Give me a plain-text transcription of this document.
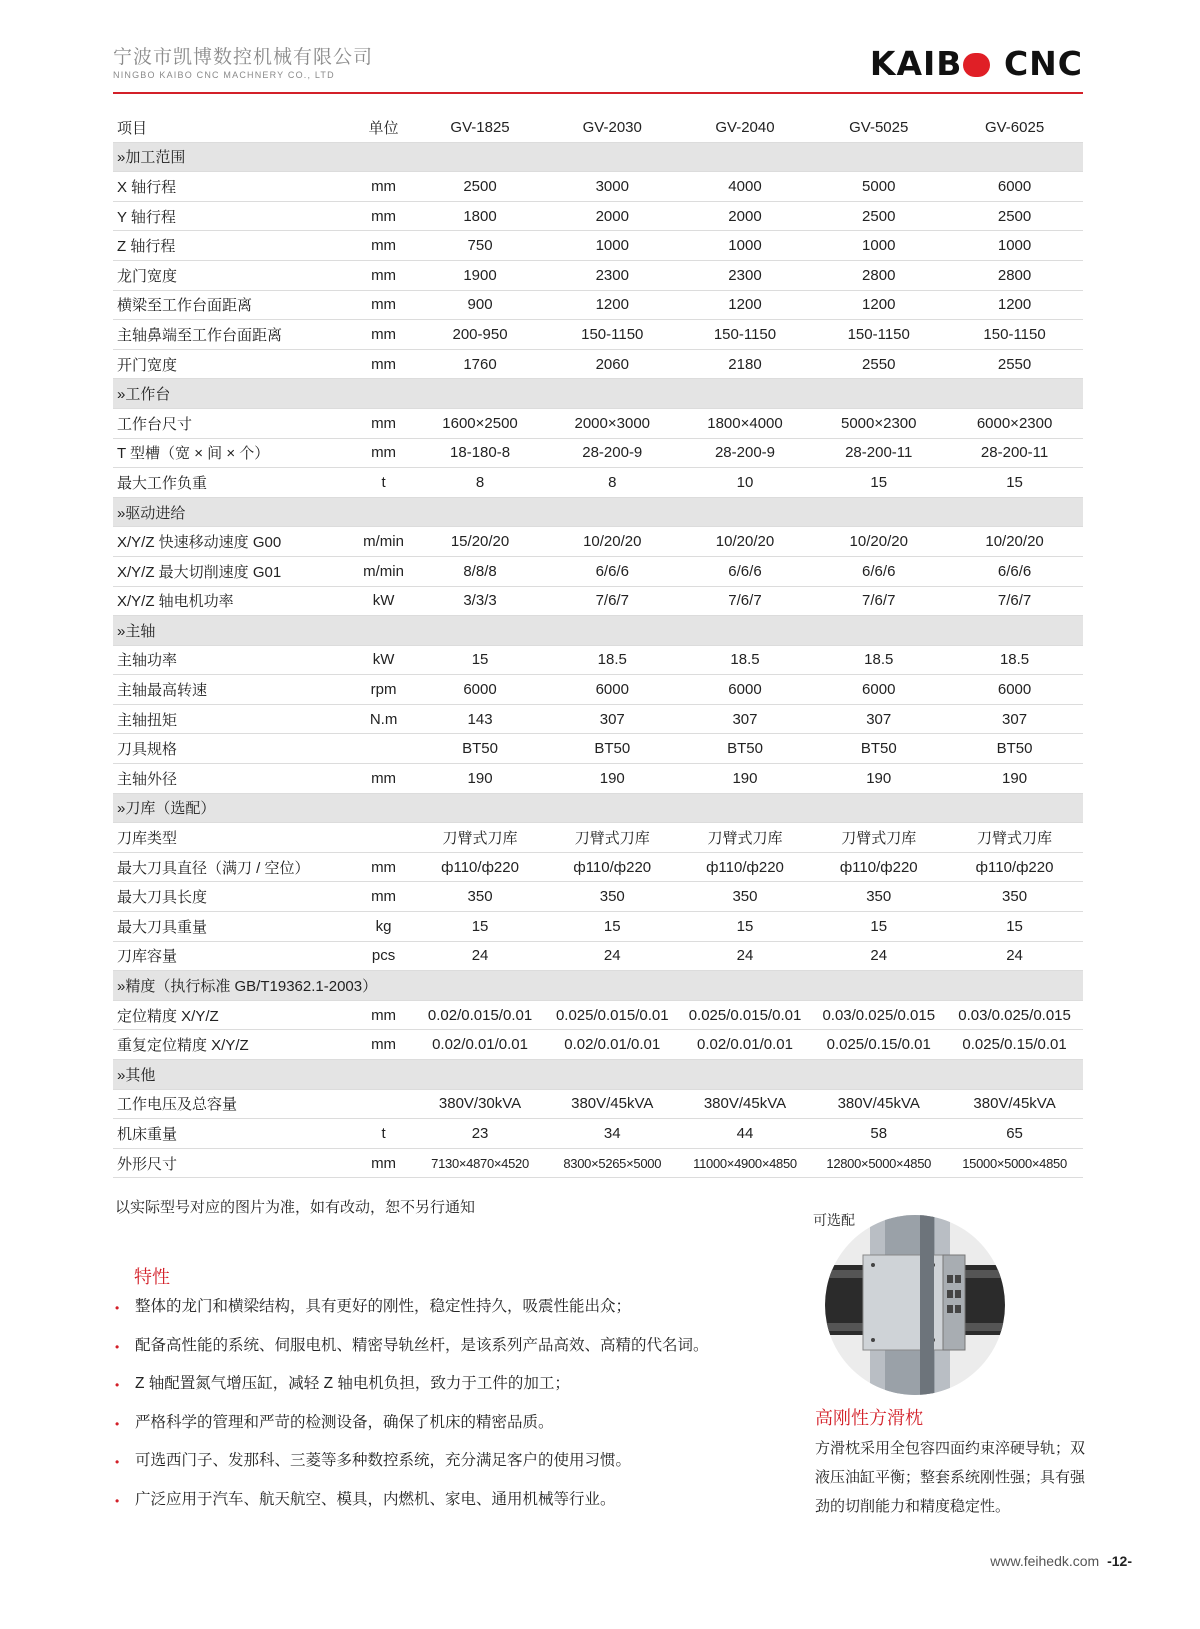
宁波市凯博数控机械有限公司
NINGBO KAIBO CNC MACHNERY CO., LTD	KAIB CNC
项目	单位	GV-1825	GV-2030	GV-2040	GV-5025	GV-6025
»加工范围						
X 轴行程	mm	2500	3000	4000	5000	6000
Y 轴行程	mm	1800	2000	2000	2500	2500
Z 轴行程	mm	750	1000	1000	1000	1000
龙门宽度	mm	1900	2300	2300	2800	2800
横梁至工作台面距离	mm	900	1200	1200	1200	1200
主轴鼻端至工作台面距离	mm	200-950	150-1150	150-1150	150-1150	150-1150
开门宽度	mm	1760	2060	2180	2550	2550
»工作台						
工作台尺寸	mm	1600×2500	2000×3000	1800×4000	5000×2300	6000×2300
T 型槽（宽 × 间 × 个）	mm	18-180-8	28-200-9	28-200-9	28-200-11	28-200-11
最大工作负重	t	8	8	10	15	15
»驱动进给						
X/Y/Z 快速移动速度 G00	m/min	15/20/20	10/20/20	10/20/20	10/20/20	10/20/20
X/Y/Z 最大切削速度 G01	m/min	8/8/8	6/6/6	6/6/6	6/6/6	6/6/6
X/Y/Z 轴电机功率	kW	3/3/3	7/6/7	7/6/7	7/6/7	7/6/7
»主轴						
主轴功率	kW	15	18.5	18.5	18.5	18.5
主轴最高转速	rpm	6000	6000	6000	6000	6000
主轴扭矩	N.m	143	307	307	307	307
刀具规格		BT50	BT50	BT50	BT50	BT50
主轴外径	mm	190	190	190	190	190
»刀库（选配）						
刀库类型		刀臂式刀库	刀臂式刀库	刀臂式刀库	刀臂式刀库	刀臂式刀库
最大刀具直径（满刀 / 空位）	mm	ф110/ф220	ф110/ф220	ф110/ф220	ф110/ф220	ф110/ф220
最大刀具长度	mm	350	350	350	350	350
最大刀具重量	kg	15	15	15	15	15
刀库容量	pcs	24	24	24	24	24
»精度（执行标准 GB/T19362.1-2003）						
定位精度 X/Y/Z	mm	0.02/0.015/0.01	0.025/0.015/0.01	0.025/0.015/0.01	0.03/0.025/0.015	0.03/0.025/0.015
重复定位精度 X/Y/Z	mm	0.02/0.01/0.01	0.02/0.01/0.01	0.02/0.01/0.01	0.025/0.15/0.01	0.025/0.15/0.01
»其他						
工作电压及总容量		380V/30kVA	380V/45kVA	380V/45kVA	380V/45kVA	380V/45kVA
机床重量	t	23	34	44	58	65
外形尺寸	mm	7130×4870×4520	8300×5265×5000	11000×4900×4850	12800×5000×4850	15000×5000×4850
以实际型号对应的图片为准，如有改动，恕不另行通知
特性
• 整体的龙门和横梁结构，具有更好的刚性，稳定性持久，吸震性能出众；
• 配备高性能的系统、伺服电机、精密导轨丝杆，是该系列产品高效、高精的代名词。
• Z 轴配置氮气增压缸，减轻 Z 轴电机负担，致力于工件的加工；
• 严格科学的管理和严苛的检测设备，确保了机床的精密品质。
• 可选西门子、发那科、三菱等多种数控系统，充分满足客户的使用习惯。
• 广泛应用于汽车、航天航空、模具，内燃机、家电、通用机械等行业。
可选配
高刚性方滑枕
方滑枕采用全包容四面约束淬硬导轨；双液压油缸平衡；整套系统刚性强；具有强劲的切削能力和精度稳定性。
www.feihedk.com -12-
